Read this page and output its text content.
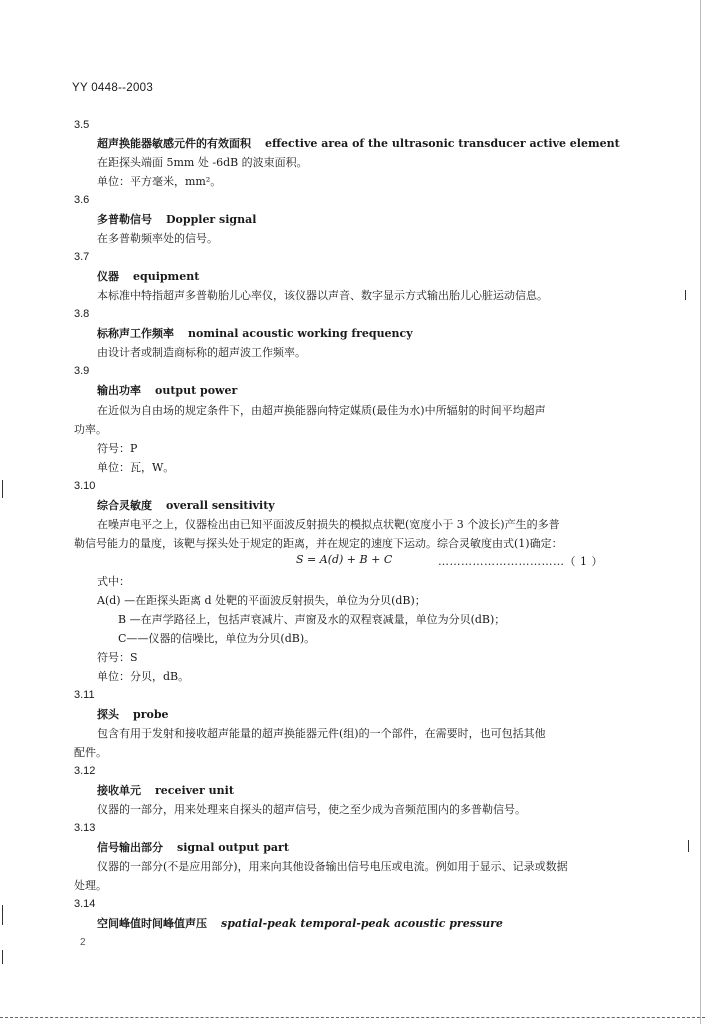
YY 0448--2003
3.5
超声换能器敏感元件的有效面积 effective area of the ultrasonic transducer active element
在距探头端面 5mm 处 -6dB 的波束面积。
单位：平方毫米，mm²。
3.6
多普勒信号 Doppler signal
在多普勒频率处的信号。
3.7
仪器 equipment
本标准中特指超声多普勒胎儿心率仪，该仪器以声音、数字显示方式输出胎儿心脏运动信息。
3.8
标称声工作频率 nominal acoustic working frequency
由设计者或制造商标称的超声波工作频率。
3.9
输出功率 output power
在近似为自由场的规定条件下，由超声换能器向特定媒质(最佳为水)中所辐射的时间平均超声
功率。
符号：P
单位：瓦，W。
3.10
综合灵敏度 overall sensitivity
在噪声电平之上，仪器检出由已知平面波反射损失的模拟点状靶(宽度小于 3 个波长)产生的多普
勒信号能力的量度，该靶与探头处于规定的距离，并在规定的速度下运动。综合灵敏度由式(1)确定：
S = A(d) + B + C	……………………………（ 1 ）
式中：
A(d) —在距探头距离 d 处靶的平面波反射损失，单位为分贝(dB)；
B —在声学路径上，包括声衰减片、声窗及水的双程衰减量，单位为分贝(dB)；
C——仪器的信噪比，单位为分贝(dB)。
符号：S
单位：分贝，dB。
3.11
探头 probe
包含有用于发射和接收超声能量的超声换能器元件(组)的一个部件，在需要时，也可包括其他
配件。
3.12
接收单元 receiver unit
仪器的一部分，用来处理来自探头的超声信号，使之至少成为音频范围内的多普勒信号。
3.13
信号输出部分 signal output part
仪器的一部分(不是应用部分)，用来向其他设备输出信号电压或电流。例如用于显示、记录或数据
处理。
3.14
空间峰值时间峰值声压 spatial-peak temporal-peak acoustic pressure
2
